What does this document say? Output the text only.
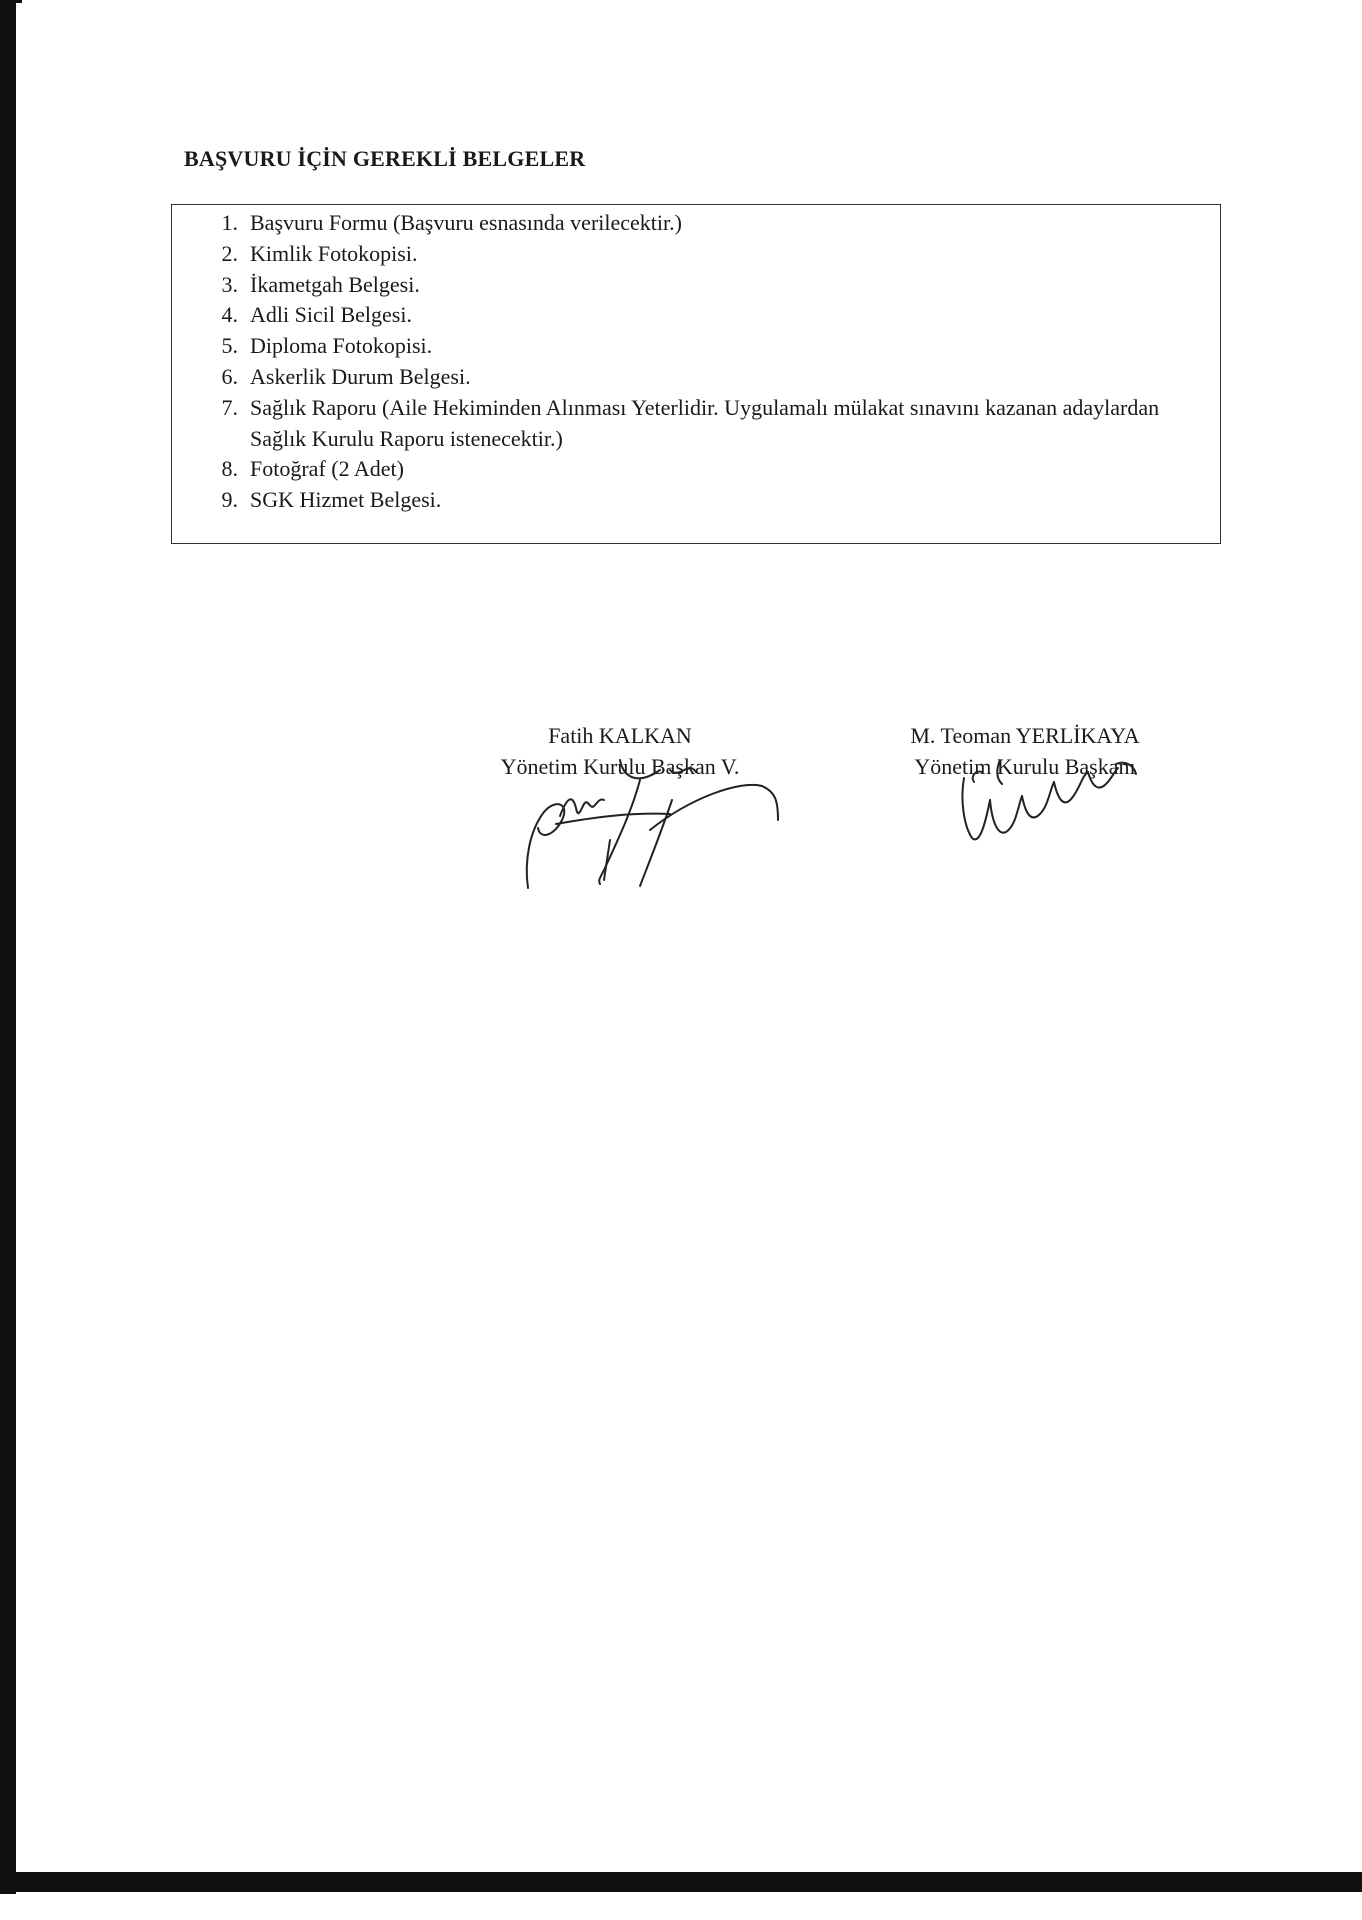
BAŞVURU İÇİN GEREKLİ BELGELER
1. Başvuru Formu (Başvuru esnasında verilecektir.)
2. Kimlik Fotokopisi.
3. İkametgah Belgesi.
4. Adli Sicil Belgesi.
5. Diploma Fotokopisi.
6. Askerlik Durum Belgesi.
7. Sağlık Raporu (Aile Hekiminden Alınması Yeterlidir. Uygulamalı mülakat sınavını kazanan adaylardan Sağlık Kurulu Raporu istenecektir.)
8. Fotoğraf (2 Adet)
9. SGK Hizmet Belgesi.
Fatih KALKAN
Yönetim Kurulu Başkan V.
M. Teoman YERLİKAYA
Yönetim Kurulu Başkanı
